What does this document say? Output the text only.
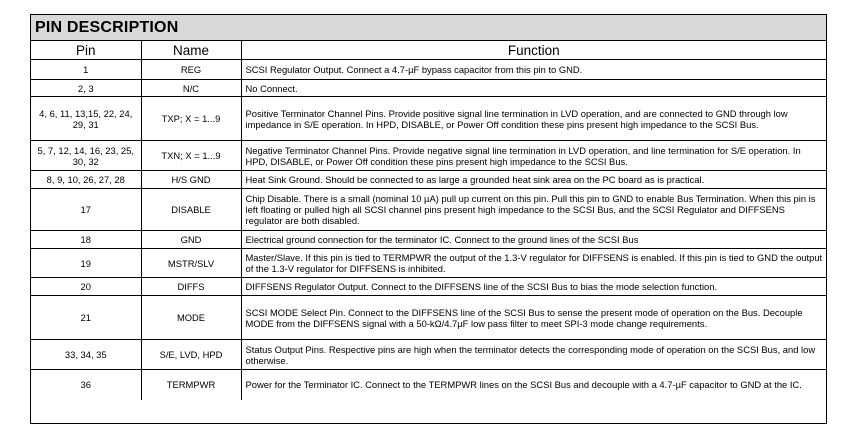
PIN DESCRIPTION
Pin	Name	Function
1	REG	SCSI Regulator Output. Connect a 4.7-µF bypass capacitor from this pin to GND.
2, 3	N/C	No Connect.
4, 6, 11, 13,15, 22, 24, 29, 31	TXP; X = 1...9	Positive Terminator Channel Pins. Provide positive signal line termination in LVD operation, and are connected to GND through low impedance in S/E operation. In HPD, DISABLE, or Power Off condition these pins present high impedance to the SCSI Bus.
5, 7, 12, 14, 16, 23, 25, 30, 32	TXN; X = 1...9	Negative Terminator Channel Pins. Provide negative signal line termination in LVD operation, and line termination for S/E operation. In HPD, DISABLE, or Power Off condition these pins present high impedance to the SCSI Bus.
8, 9, 10, 26, 27, 28	H/S GND	Heat Sink Ground. Should be connected to as large a grounded heat sink area on the PC board as is practical.
17	DISABLE	Chip Disable. There is a small (nominal 10 µA) pull up current on this pin. Pull this pin to GND to enable Bus Termination. When this pin is left floating or pulled high all SCSI channel pins present high impedance to the SCSI Bus, and the SCSI Regulator and DIFFSENS regulator are both disabled.
18	GND	Electrical ground connection for the terminator IC. Connect to the ground lines of the SCSI Bus
19	MSTR/SLV	Master/Slave. If this pin is tied to TERMPWR the output of the 1.3-V regulator for DIFFSENS is enabled. If this pin is tied to GND the output of the 1.3-V regulator for DIFFSENS is inhibited.
20	DIFFS	DIFFSENS Regulator Output. Connect to the DIFFSENS line of the SCSI Bus to bias the mode selection function.
21	MODE	SCSI MODE Select Pin. Connect to the DIFFSENS line of the SCSI Bus to sense the present mode of operation on the Bus. Decouple MODE from the DIFFSENS signal with a 50-kΩ/4.7µF low pass filter to meet SPI-3 mode change requirements.
33, 34, 35	S/E, LVD, HPD	Status Output Pins. Respective pins are high when the terminator detects the corresponding mode of operation on the SCSI Bus, and low otherwise.
36	TERMPWR	Power for the Terminator IC. Connect to the TERMPWR lines on the SCSI Bus and decouple with a 4.7-µF capacitor to GND at the IC.
